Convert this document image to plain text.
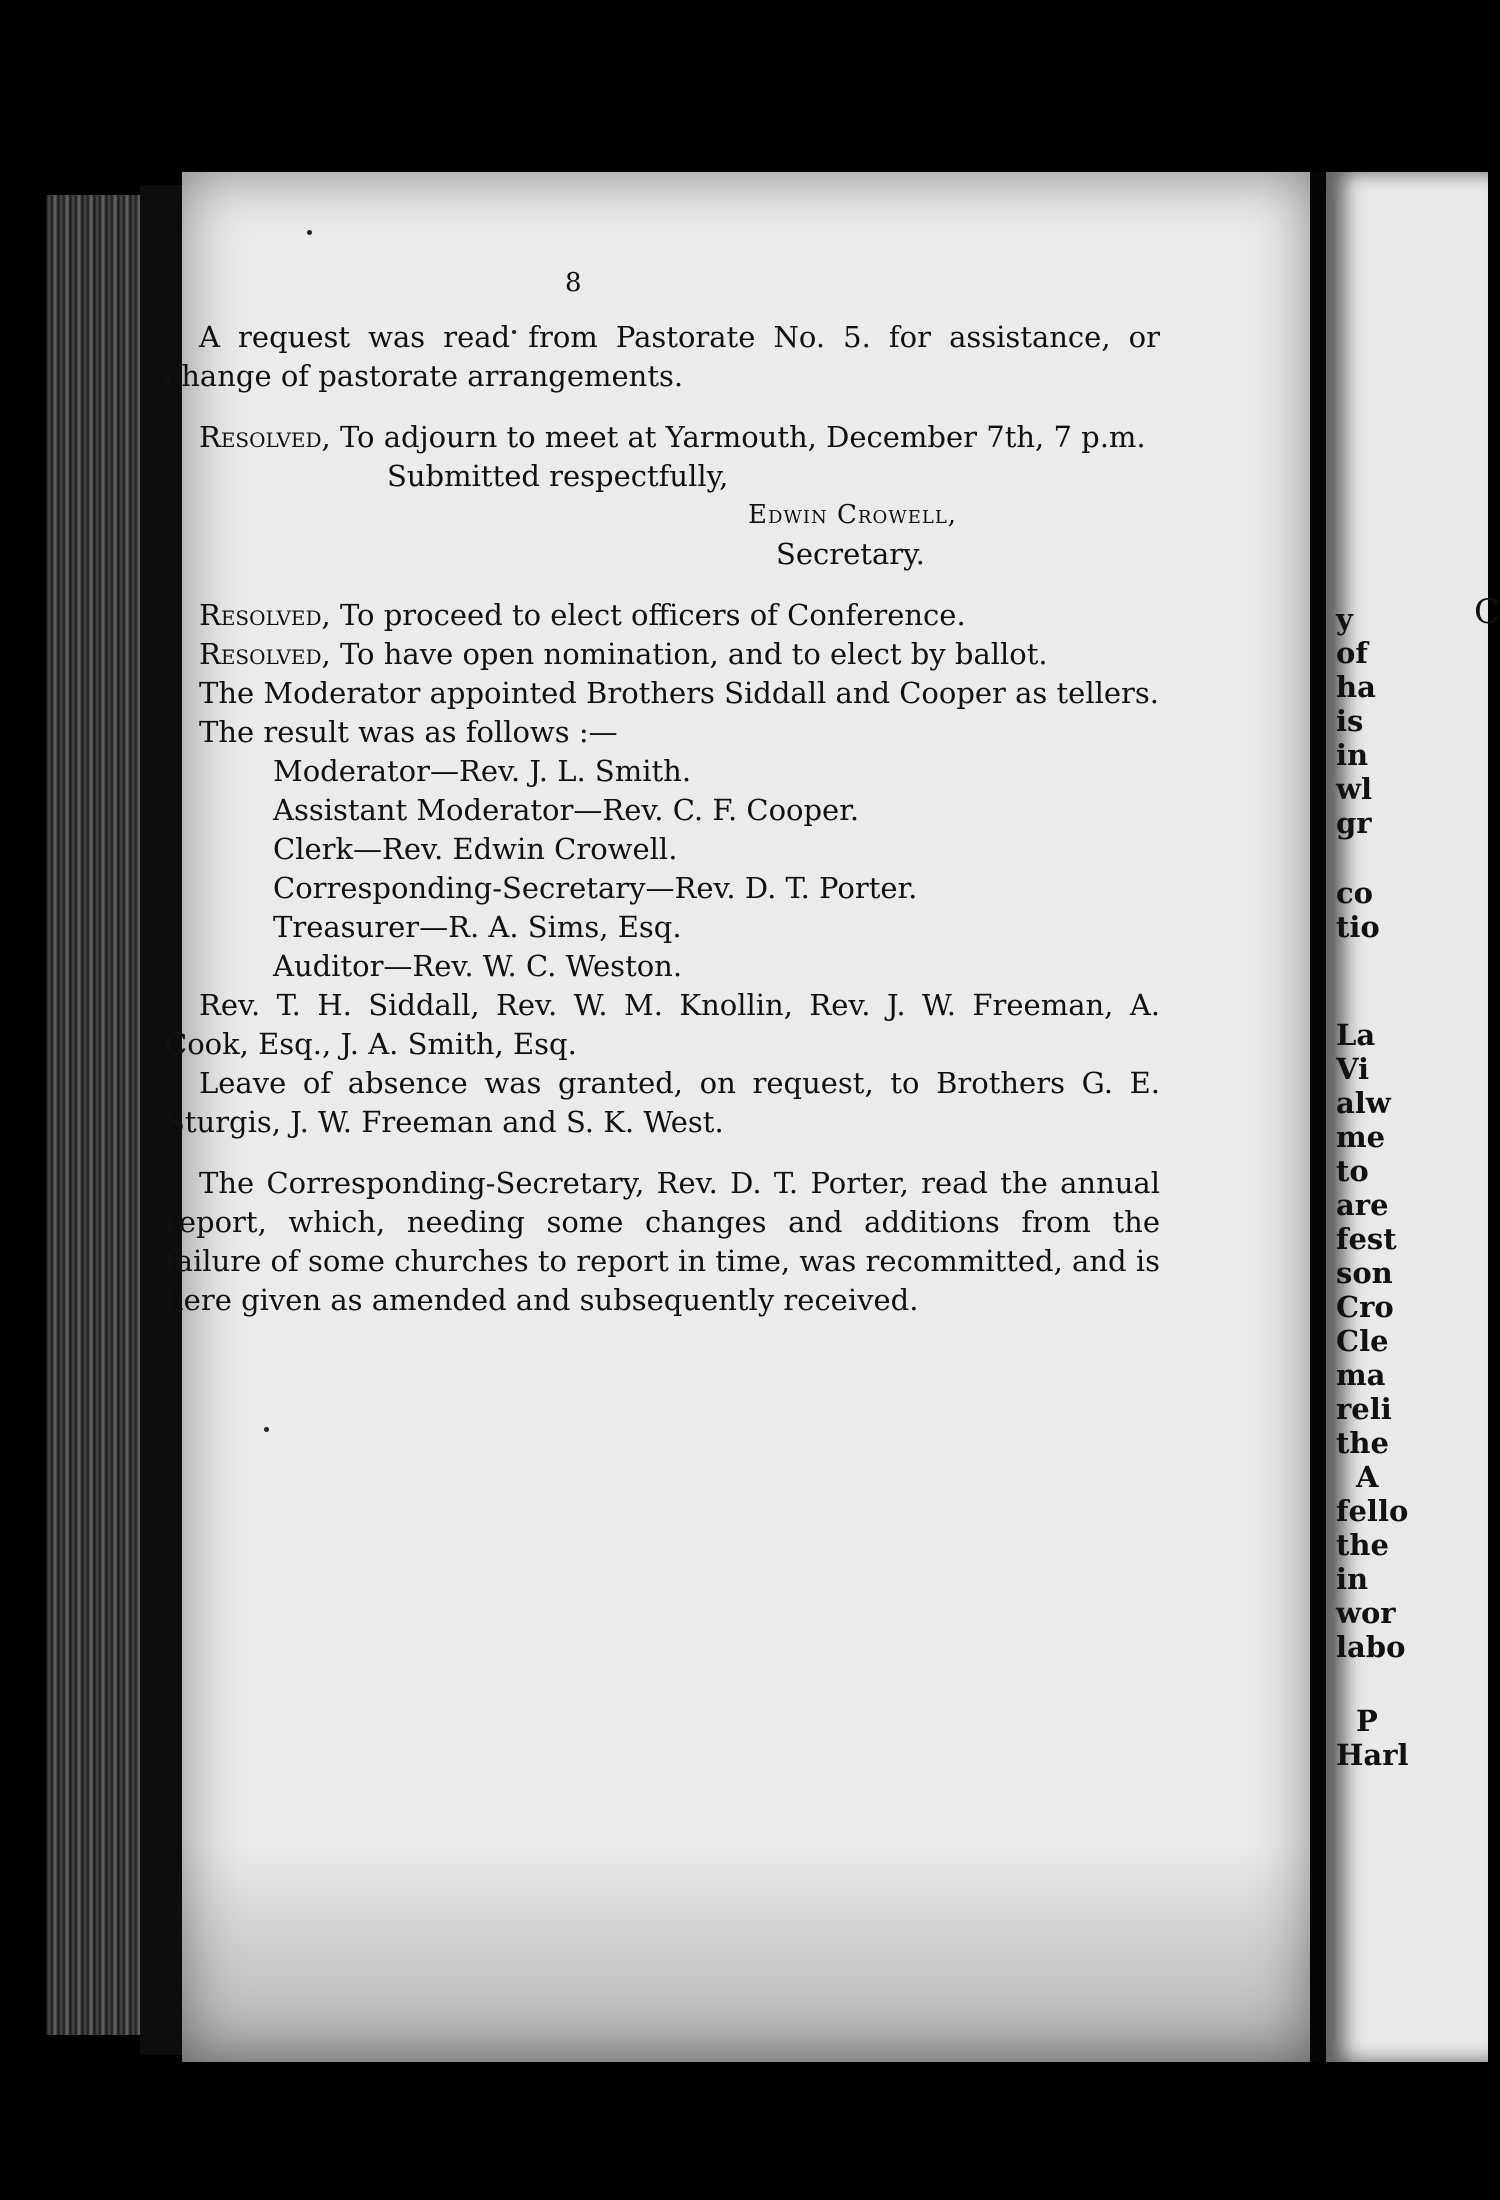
8

A request was read from Pastorate No. 5. for assistance, or change of pastorate arrangements.

Resolved, To adjourn to meet at Yarmouth, December 7th, 7 p.m.

Submitted respectfully,

Edwin Crowell,

Secretary.

Resolved, To proceed to elect officers of Conference.

Resolved, To have open nomination, and to elect by ballot.

The Moderator appointed Brothers Siddall and Cooper as tellers.

The result was as follows :—

Moderator—Rev. J. L. Smith.

Assistant Moderator—Rev. C. F. Cooper.

Clerk—Rev. Edwin Crowell.

Corresponding-Secretary—Rev. D. T. Porter.

Treasurer—R. A. Sims, Esq.

Auditor—Rev. W. C. Weston.

Rev. T. H. Siddall, Rev. W. M. Knollin, Rev. J. W. Freeman, A. Cook, Esq., J. A. Smith, Esq.

Leave of absence was granted, on request, to Brothers G. E. Sturgis, J. W. Freeman and S. K. West.

The Corresponding-Secretary, Rev. D. T. Porter, read the annual report, which, needing some changes and additions from the failure of some churches to report in time, was recommitted, and is here given as amended and subsequently received.

C
y
of
ha
is
in
wl
gr
co
tio
La
Vi
alw
me
to
are
fest
son
Cro
Cle
ma
reli
the
A
fello
the
in
wor
labo
P
Harl
